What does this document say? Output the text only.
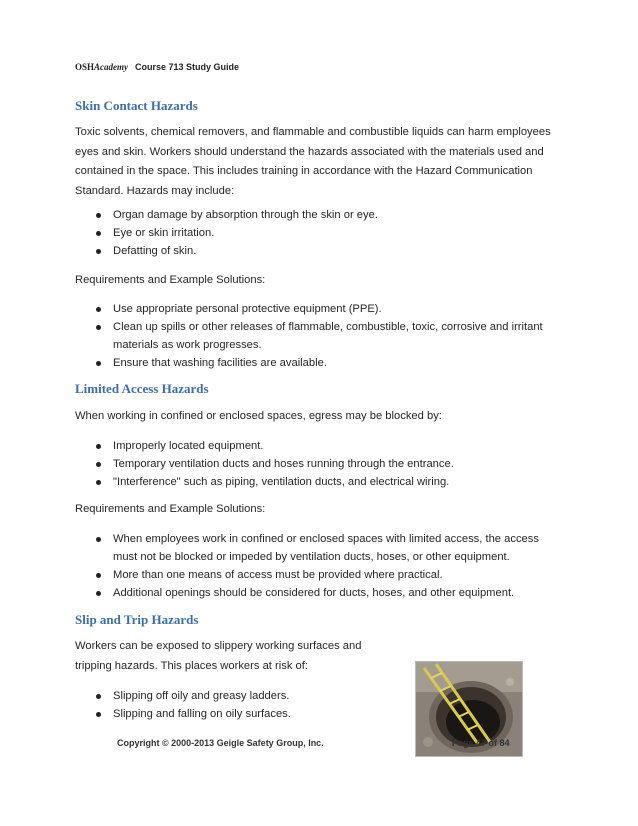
OSHAcademy Course 713 Study Guide
Skin Contact Hazards

Toxic solvents, chemical removers, and flammable and combustible liquids can harm employees eyes and skin. Workers should understand the hazards associated with the materials used and contained in the space. This includes training in accordance with the Hazard Communication Standard. Hazards may include:

Organ damage by absorption through the skin or eye.
Eye or skin irritation.
Defatting of skin.

Requirements and Example Solutions:

Use appropriate personal protective equipment (PPE).
Clean up spills or other releases of flammable, combustible, toxic, corrosive and irritant materials as work progresses.
Ensure that washing facilities are available.
Limited Access Hazards

When working in confined or enclosed spaces, egress may be blocked by:

Improperly located equipment.
Temporary ventilation ducts and hoses running through the entrance.
"Interference" such as piping, ventilation ducts, and electrical wiring.

Requirements and Example Solutions:

When employees work in confined or enclosed spaces with limited access, the access must not be blocked or impeded by ventilation ducts, hoses, or other equipment.
More than one means of access must be provided where practical.
Additional openings should be considered for ducts, hoses, and other equipment.
Slip and Trip Hazards

Workers can be exposed to slippery working surfaces and
tripping hazards. This places workers at risk of:

Slipping off oily and greasy ladders.
Slipping and falling on oily surfaces.
Copyright © 2000-2013 Geigle Safety Group, Inc.	Page 47 of 84
